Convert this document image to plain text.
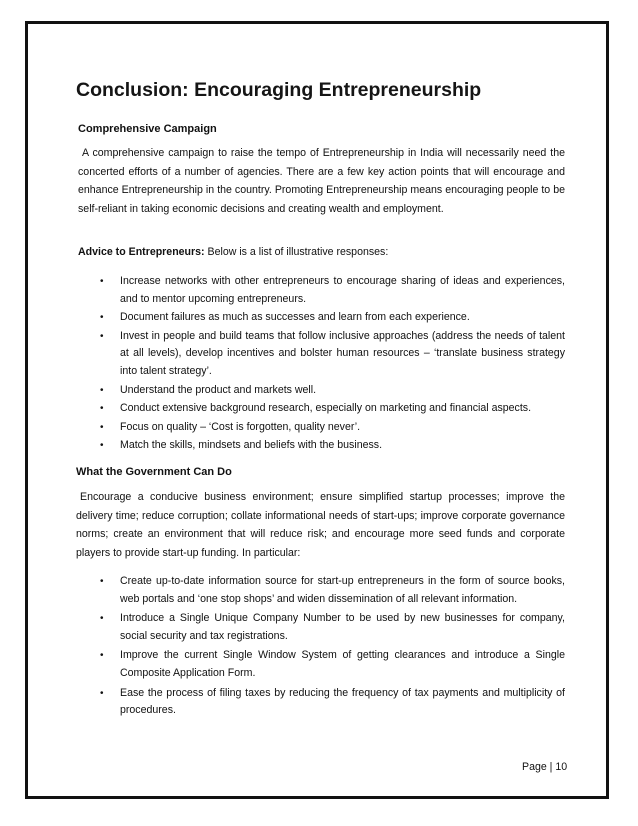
Conclusion: Encouraging Entrepreneurship
Comprehensive Campaign
A comprehensive campaign to raise the tempo of Entrepreneurship in India will necessarily need the concerted efforts of a number of agencies. There are a few key action points that will encourage and enhance Entrepreneurship in the country. Promoting Entrepreneurship means encouraging people to be self-reliant in taking economic decisions and creating wealth and employment.
Advice to Entrepreneurs: Below is a list of illustrative responses:
• Increase networks with other entrepreneurs to encourage sharing of ideas and experiences, and to mentor upcoming entrepreneurs.
• Document failures as much as successes and learn from each experience.
• Invest in people and build teams that follow inclusive approaches (address the needs of talent at all levels), develop incentives and bolster human resources – ‘translate business strategy into talent strategy’.
• Understand the product and markets well.
• Conduct extensive background research, especially on marketing and financial aspects.
• Focus on quality – ‘Cost is forgotten, quality never’.
• Match the skills, mindsets and beliefs with the business.
What the Government Can Do
Encourage a conducive business environment; ensure simplified startup processes; improve the delivery time; reduce corruption; collate informational needs of start-ups; improve corporate governance norms; create an environment that will reduce risk; and encourage more seed funds and corporate players to provide start-up funding. In particular:
• Create up-to-date information source for start-up entrepreneurs in the form of source books, web portals and ‘one stop shops’ and widen dissemination of all relevant information.
• Introduce a Single Unique Company Number to be used by new businesses for company, social security and tax registrations.
• Improve the current Single Window System of getting clearances and introduce a Single Composite Application Form.
• Ease the process of filing taxes by reducing the frequency of tax payments and multiplicity of procedures.
Page | 10
